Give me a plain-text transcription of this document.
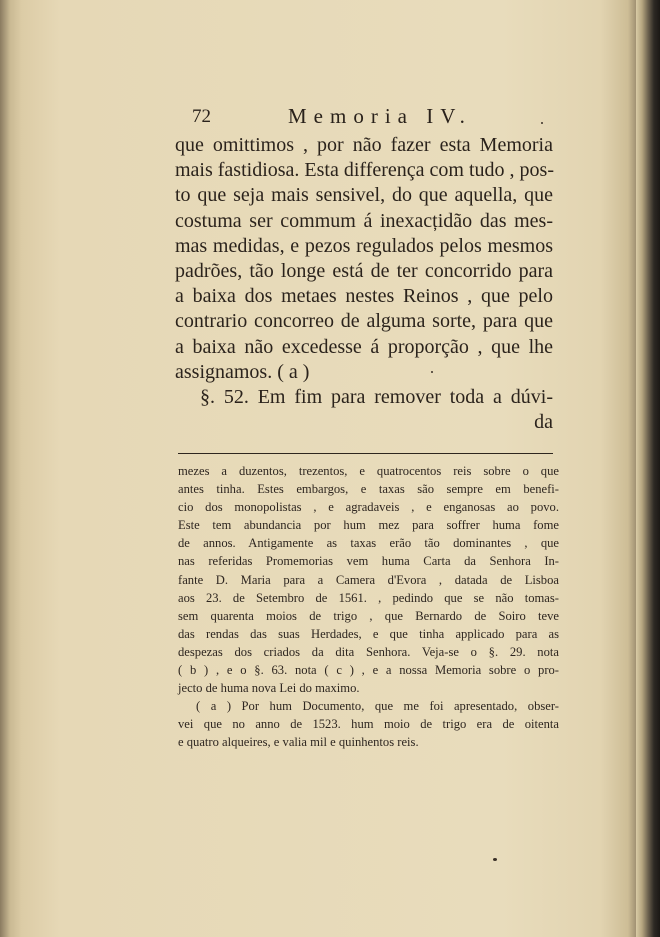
72	Memoria IV.
que omittimos , por não fazer esta Memoria
mais fastidiosa. Esta differença com tudo , pos-
to que seja mais sensivel, do que aquella, que
costuma ser commum á inexacțidão das mes-
mas medidas, e pezos regulados pelos mesmos
padrões, tão longe está de ter concorrido para
a baixa dos metaes nestes Reinos , que pelo
contrario concorreo de alguma sorte, para que
a baixa não excedesse á proporção , que lhe
assignamos. ( a )
§. 52. Em fim para remover toda a dúvi-
da
mezes a duzentos, trezentos, e quatrocentos reis sobre o que
antes tinha. Estes embargos, e taxas são sempre em benefi-
cio dos monopolistas , e agradaveis , e enganosas ao povo.
Este tem abundancia por hum mez para soffrer huma fome
de annos. Antigamente as taxas erão tão dominantes , que
nas referidas Promemorias vem huma Carta da Senhora In-
fante D. Maria para a Camera d'Evora , datada de Lisboa
aos 23. de Setembro de 1561. , pedindo que se não tomas-
sem quarenta moios de trigo , que Bernardo de Soiro teve
das rendas das suas Herdades, e que tinha applicado para as
despezas dos criados da dita Senhora. Veja-se o §. 29. nota
( b ) , e o §. 63. nota ( c ) , e a nossa Memoria sobre o pro-
jecto de huma nova Lei do maximo.
( a ) Por hum Documento, que me foi apresentado, obser-
vei que no anno de 1523. hum moio de trigo era de oitenta
e quatro alqueires, e valia mil e quinhentos reis.
